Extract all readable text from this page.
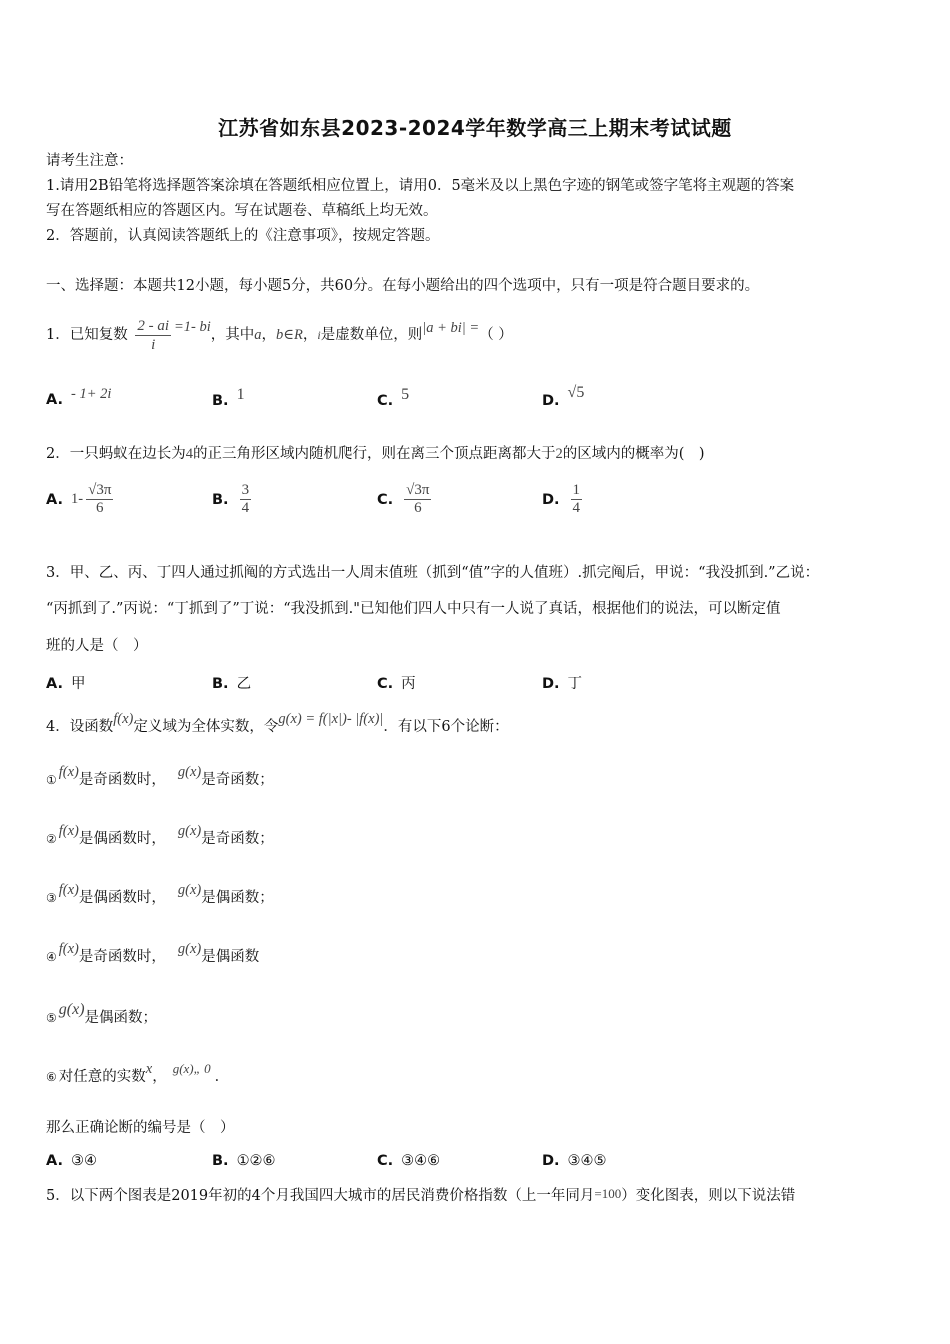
江苏省如东县2023-2024学年数学高三上期末考试试题
请考生注意：
1.请用2B铅笔将选择题答案涂填在答题纸相应位置上，请用0．5毫米及以上黑色字迹的钢笔或签字笔将主观题的答案
写在答题纸相应的答题区内。写在试题卷、草稿纸上均无效。
2．答题前，认真阅读答题纸上的《注意事项》，按规定答题。
一、选择题：本题共12小题，每小题5分，共60分。在每小题给出的四个选项中，只有一项是符合题目要求的。
1．已知复数 $\frac{2 - ai}{i} =1-$ bi，其中a，b∈R，i是虚数单位，则|a + bi| =（ ）
A. - 1+ 2i	B. 1	C. 5	D. √5
2．一只蚂蚁在边长为4的正三角形区域内随机爬行，则在离三个顶点距离都大于2的区域内的概率为(　)
A. $1- \frac{√3\pi}{6}$	B. $\frac{3}{4}$	C. $\frac{√3\pi}{6}$	D. $\frac{1}{4}$
3．甲、乙、丙、丁四人通过抓阄的方式选出一人周末值班（抓到“值”字的人值班）.抓完阄后，甲说：“我没抓到.”乙说：
“丙抓到了.”丙说：“丁抓到了”丁说：“我没抓到."已知他们四人中只有一人说了真话，根据他们的说法，可以断定值
班的人是（　）
A. 甲	B. 乙	C. 丙	D. 丁
4．设函数f(x)定义域为全体实数，令g(x) = f(|x|)- |f(x)|．有以下6个论断：
① f(x)是奇函数时， g(x)是奇函数；
② f(x)是偶函数时， g(x)是奇函数；
③ f(x)是偶函数时， g(x)是偶函数；
④ f(x)是奇函数时， g(x)是偶函数
⑤ g(x)是偶函数；
⑥ 对任意的实数x，g(x)„ 0．
那么正确论断的编号是（　）
A. ③④	B. ①②⑥	C. ③④⑥	D. ③④⑤
5．以下两个图表是2019年初的4个月我国四大城市的居民消费价格指数（上一年同月=100）变化图表，则以下说法错
